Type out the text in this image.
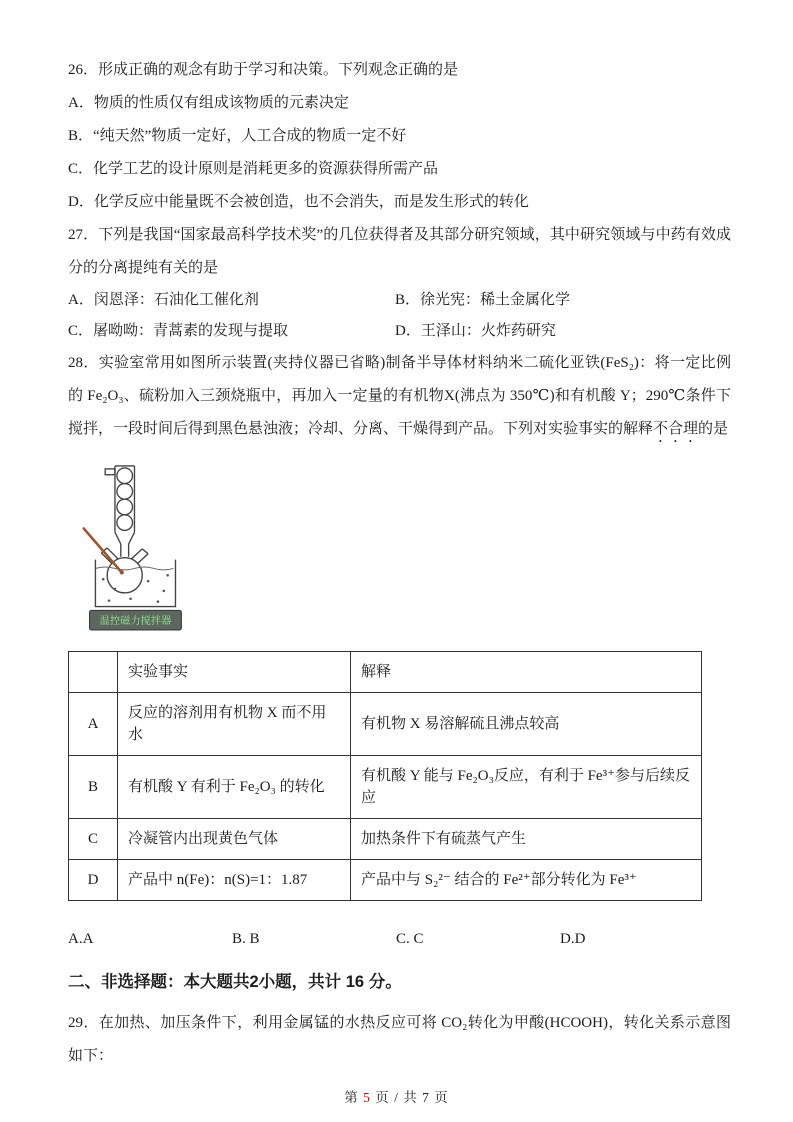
26．形成正确的观念有助于学习和决策。下列观念正确的是

A．物质的性质仅有组成该物质的元素决定

B．“纯天然”物质一定好，人工合成的物质一定不好

C．化学工艺的设计原则是消耗更多的资源获得所需产品

D．化学反应中能量既不会被创造，也不会消失，而是发生形式的转化

27．下列是我国“国家最高科学技术奖”的几位获得者及其部分研究领域，其中研究领域与中药有效成分的分离提纯有关的是

A．闵恩泽：石油化工催化剂	B．徐光宪：稀土金属化学
C．屠呦呦：青蒿素的发现与提取	D．王泽山：火炸药研究

28．实验室常用如图所示装置(夹持仪器已省略)制备半导体材料纳米二硫化亚铁(FeS₂)：将一定比例的 Fe₂O₃、硫粉加入三颈烧瓶中，再加入一定量的有机物X(沸点为 350℃)和有机酸 Y；290℃条件下搅拌，一段时间后得到黑色悬浊液；冷却、分离、干燥得到产品。下列对实验事实的解释不合理的是

温控磁力搅拌器
	实验事实	解释
A	反应的溶剂用有机物 X 而不用水	有机物 X 易溶解硫且沸点较高
B	有机酸 Y 有利于 Fe₂O₃ 的转化	有机酸 Y 能与 Fe₂O₃反应，有利于 Fe³⁺参与后续反应
C	冷凝管内出现黄色气体	加热条件下有硫蒸气产生
D	产品中 n(Fe)：n(S)=1：1.87	产品中与 S₂²⁻ 结合的 Fe²⁺部分转化为 Fe³⁺
A.A	B. B	C. C	D.D
二、非选择题：本大题共2小题，共计 16 分。

29．在加热、加压条件下，利用金属锰的水热反应可将 CO₂转化为甲酸(HCOOH)，转化关系示意图如下：

第 5 页 / 共 7 页
